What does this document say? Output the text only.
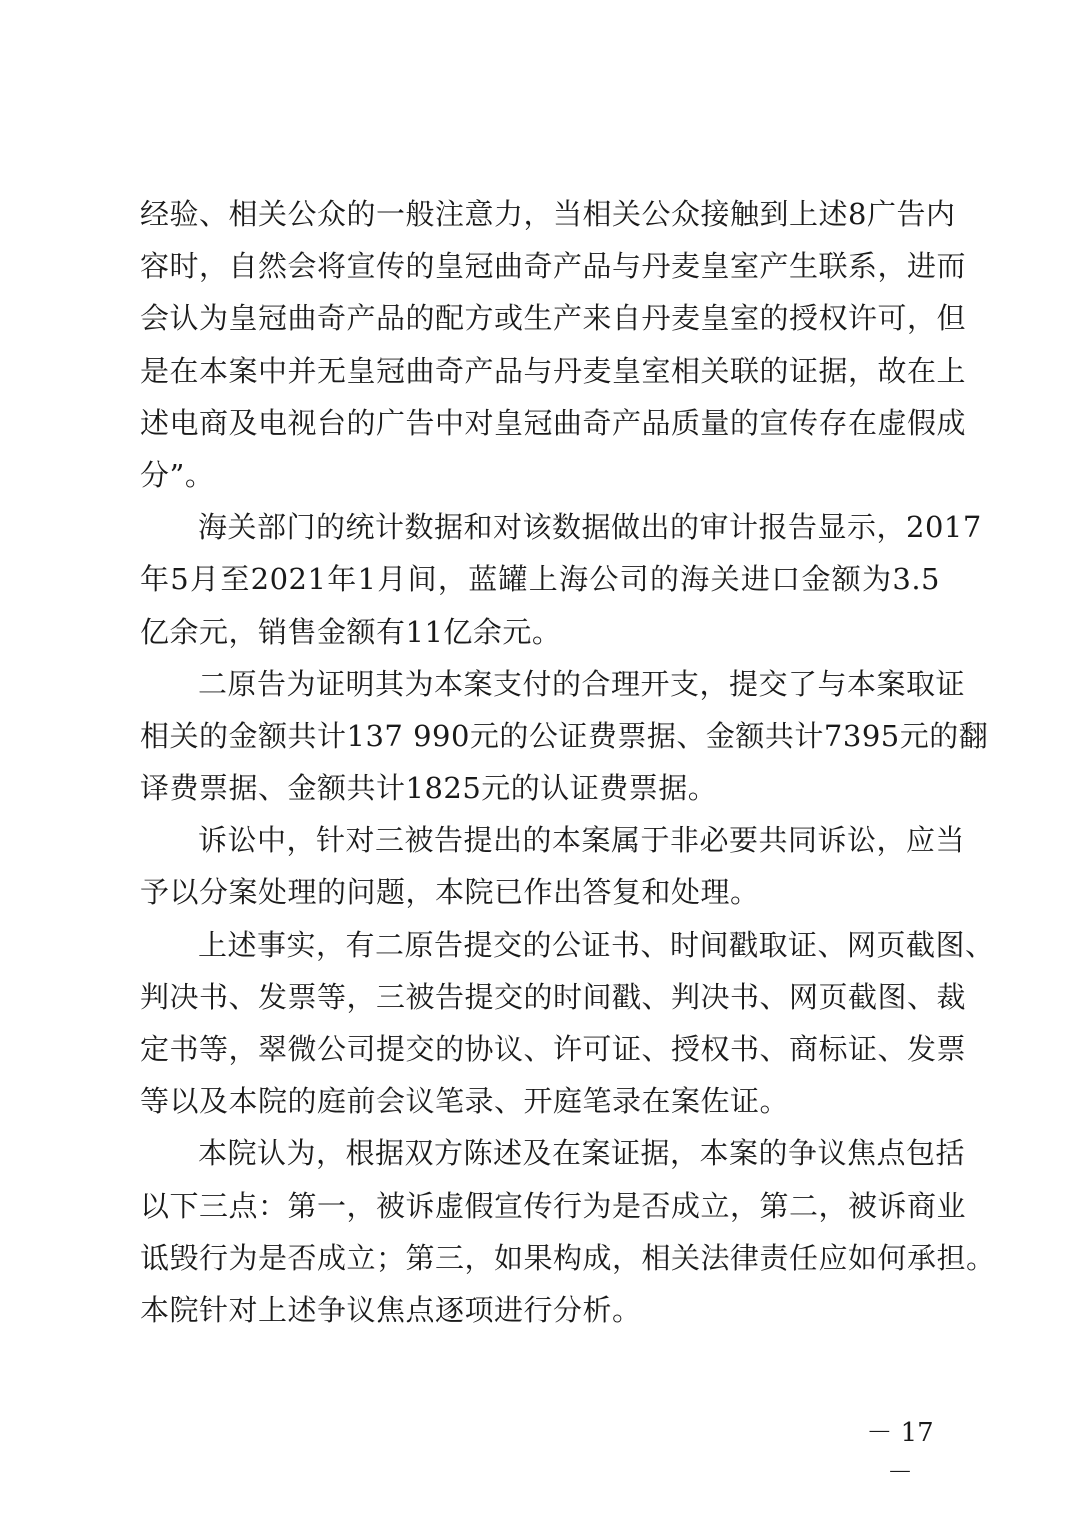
经验、相关公众的一般注意力，当相关公众接触到上述8广告内
容时，自然会将宣传的皇冠曲奇产品与丹麦皇室产生联系，进而
会认为皇冠曲奇产品的配方或生产来自丹麦皇室的授权许可，但
是在本案中并无皇冠曲奇产品与丹麦皇室相关联的证据，故在上
述电商及电视台的广告中对皇冠曲奇产品质量的宣传存在虚假成
分”。
海关部门的统计数据和对该数据做出的审计报告显示，2017
年5月至2021年1月间，蓝罐上海公司的海关进口金额为3.5
亿余元，销售金额有11亿余元。
二原告为证明其为本案支付的合理开支，提交了与本案取证
相关的金额共计137 990元的公证费票据、金额共计7395元的翻
译费票据、金额共计1825元的认证费票据。
诉讼中，针对三被告提出的本案属于非必要共同诉讼，应当
予以分案处理的问题，本院已作出答复和处理。
上述事实，有二原告提交的公证书、时间戳取证、网页截图、
判决书、发票等，三被告提交的时间戳、判决书、网页截图、裁
定书等，翠微公司提交的协议、许可证、授权书、商标证、发票
等以及本院的庭前会议笔录、开庭笔录在案佐证。
本院认为，根据双方陈述及在案证据，本案的争议焦点包括
以下三点：第一，被诉虚假宣传行为是否成立，第二，被诉商业
诋毁行为是否成立；第三，如果构成，相关法律责任应如何承担。
本院针对上述争议焦点逐项进行分析。
－ 17 －
